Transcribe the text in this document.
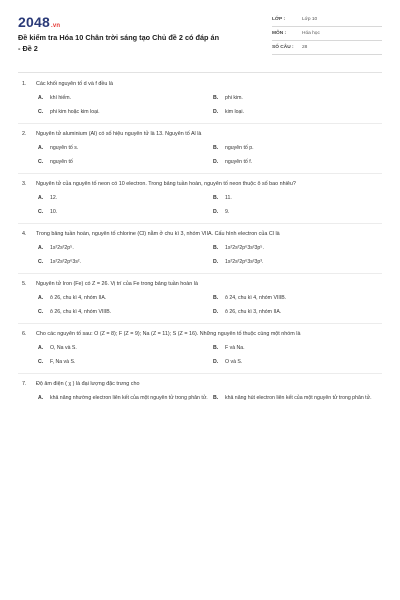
2048.vn
Đề kiểm tra Hóa 10 Chân trời sáng tạo Chủ đề 2 có đáp án - Đề 2
LỚP :	Lớp 10
MÔN :	Hóa học
SỐ CÂU : 28
1.	Các khối nguyên tố d và f đều là
A.	khí hiếm.	B.	phi kim.
C.	phi kim hoặc kim loại.	D.	kim loại.
2.	Nguyên tử aluminium (Al) có số hiệu nguyên tử là 13. Nguyên tố Al là
A.	nguyên tố s.	B.	nguyên tố p.
C.	nguyên tố	D.	nguyên tố f.
3.	Nguyên tử của nguyên tố neon có 10 electron. Trong bảng tuần hoàn, nguyên tố neon thuộc ô số bao nhiêu?
A.	12.	B.	11.
C.	10.	D.	9.
4.	Trong bảng tuần hoàn, nguyên tố chlorine (Cl) nằm ở chu kì 3, nhóm VIIA. Cấu hình electron của Cl là
A.	1s²2s²2p⁵.	B.	1s²2s²2p⁶3s²3p⁵.
C.	1s²2s²2p⁶3s².	D.	1s²2s²2p⁶3s²3p³.
5.	Nguyên tử Iron (Fe) có Z = 26. Vị trí của Fe trong bảng tuần hoàn là
A.	ô 26, chu kì 4, nhóm IIA.	B.	ô 24, chu kì 4, nhóm VIIIB.
C.	ô 26, chu kì 4, nhóm VIIIB.	D.	ô 26, chu kì 3, nhóm IIA.
6.	Cho các nguyên tố sau: O (Z = 8); F (Z = 9); Na (Z = 11); S (Z = 16). Những nguyên tố thuộc cùng một nhóm là
A.	O, Na và S.	B.	F và Na.
C.	F, Na và S.	D.	O và S.
7.	Độ âm điện ( χ ) là đại lượng đặc trưng cho
A.	khả năng nhường electron liên kết của một nguyên tử trong phân tử.	B.	khả năng hút electron liên kết của một nguyên tử trong phân tử.
